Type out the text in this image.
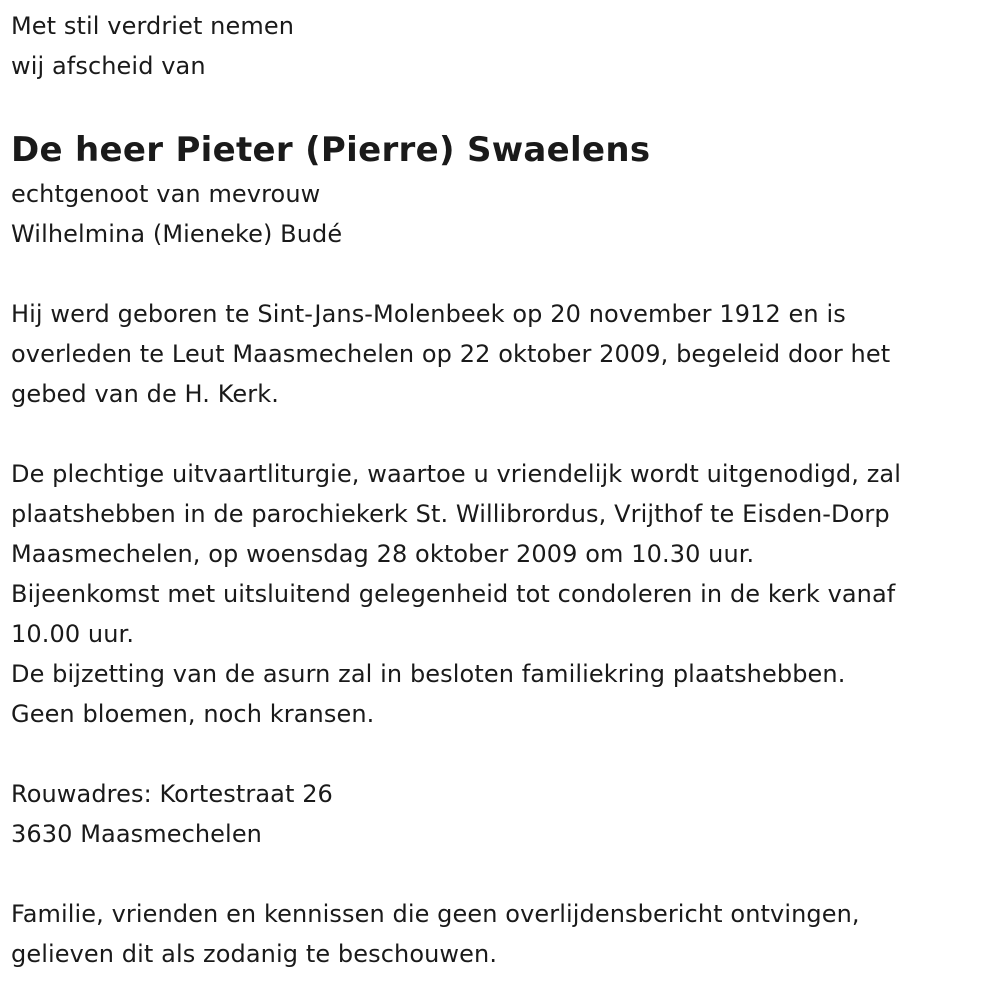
Met stil verdriet nemen
wij afscheid van
De heer Pieter (Pierre) Swaelens
echtgenoot van mevrouw
Wilhelmina (Mieneke) Budé
Hij werd geboren te Sint-Jans-Molenbeek op 20 november 1912 en is
overleden te Leut Maasmechelen op 22 oktober 2009, begeleid door het
gebed van de H. Kerk.
De plechtige uitvaartliturgie, waartoe u vriendelijk wordt uitgenodigd, zal
plaatshebben in de parochiekerk St. Willibrordus, Vrijthof te Eisden-Dorp
Maasmechelen, op woensdag 28 oktober 2009 om 10.30 uur.
Bijeenkomst met uitsluitend gelegenheid tot condoleren in de kerk vanaf
10.00 uur.
De bijzetting van de asurn zal in besloten familiekring plaatshebben.
Geen bloemen, noch kransen.
Rouwadres: Kortestraat 26
3630 Maasmechelen
Familie, vrienden en kennissen die geen overlijdensbericht ontvingen,
gelieven dit als zodanig te beschouwen.
